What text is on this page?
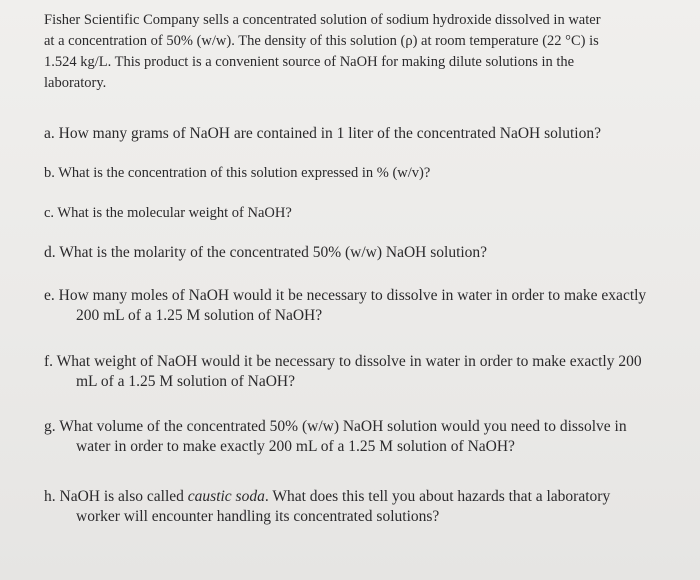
Fisher Scientific Company sells a concentrated solution of sodium hydroxide dissolved in water
at a concentration of 50% (w/w). The density of this solution (ρ) at room temperature (22 °C) is
1.524 kg/L. This product is a convenient source of NaOH for making dilute solutions in the
laboratory.
a. How many grams of NaOH are contained in 1 liter of the concentrated NaOH solution?
b. What is the concentration of this solution expressed in % (w/v)?
c. What is the molecular weight of NaOH?
d. What is the molarity of the concentrated 50% (w/w) NaOH solution?
e. How many moles of NaOH would it be necessary to dissolve in water in order to make exactly
200 mL of a 1.25 M solution of NaOH?
f. What weight of NaOH would it be necessary to dissolve in water in order to make exactly 200
mL of a 1.25 M solution of NaOH?
g. What volume of the concentrated 50% (w/w) NaOH solution would you need to dissolve in
water in order to make exactly 200 mL of a 1.25 M solution of NaOH?
h. NaOH is also called caustic soda. What does this tell you about hazards that a laboratory
worker will encounter handling its concentrated solutions?
